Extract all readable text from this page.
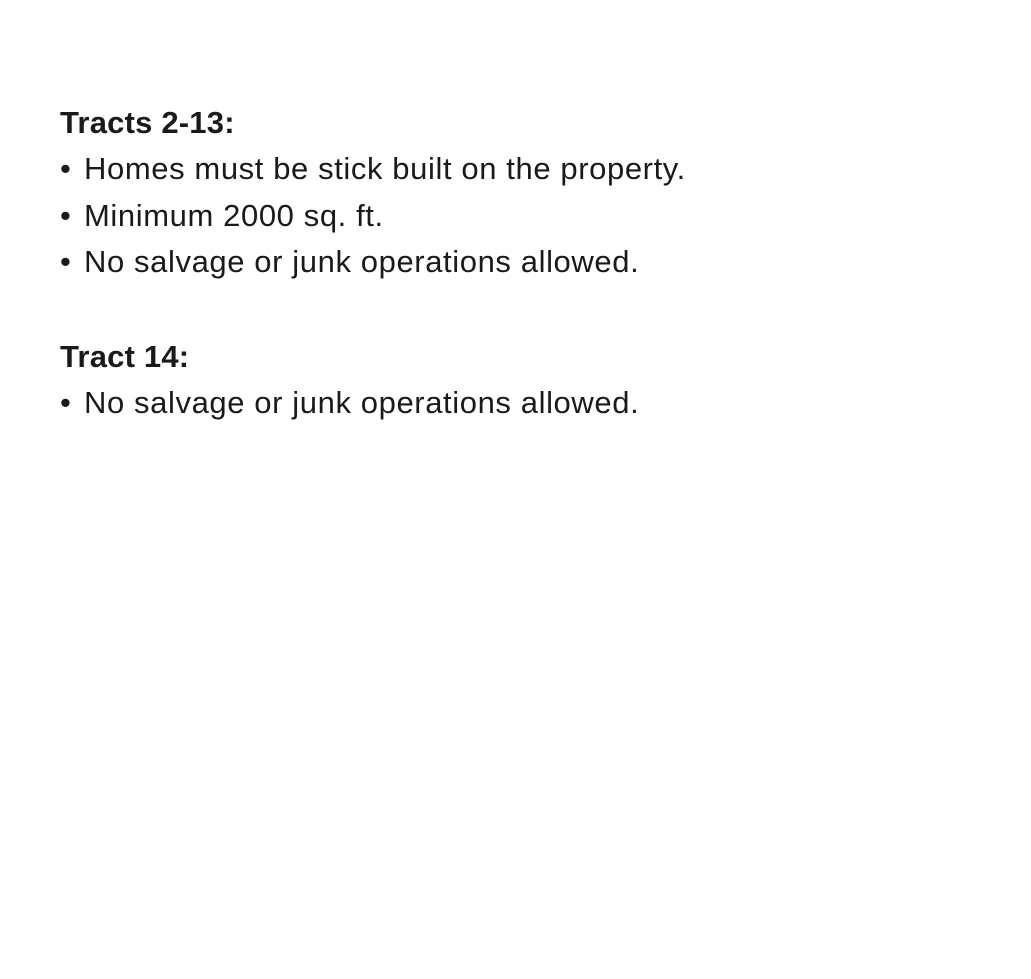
Tracts 2-13:
• Homes must be stick built on the property.
• Minimum 2000 sq. ft.
• No salvage or junk operations allowed.
Tract 14:
• No salvage or junk operations allowed.
